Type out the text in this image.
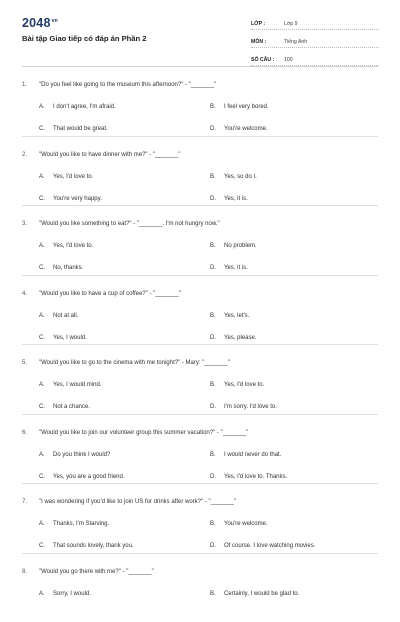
$2048^{vn}$
Bài tập Giao tiếp có đáp án Phần 2
LỚP :	Lớp 9
MÔN :	Tiếng Anh
SỐ CÂU :	100
1.	"Do you feel like going to the museum this afternoon?" - "_______"
A.	I don't agree, I'm afraid.	B.	I feel very bored.
C.	That would be great.	D.	You're welcome.
2.	"Would you like to have dinner with me?" - "_______"
A.	Yes, I'd love to.	B.	Yes, so do I.
C.	You're very happy.	D.	Yes, it is.
3.	"Would you like something to eat?" - "_______. I'm not hungry now."
A.	Yes, I'd love to.	B.	No problem.
C.	No, thanks.	D.	Yes, it is.
4.	"Would you like to have a cup of coffee?" - "_______"
A.	Not at all.	B.	Yes, let's.
C.	Yes, I would.	D.	Yes, please.
5.	"Would you like to go to the cinema with me tonight?" - Mary: "_______"
A.	Yes, I would mind.	B.	Yes, I'd love to.
C.	Not a chance.	D.	I'm sorry. I'd love to.
6.	"Would you like to join our volunteer group this summer vacation?" - "_______"
A.	Do you think I would?	B.	I would never do that.
C.	Yes, you are a good friend.	D.	Yes, I'd love to. Thanks.
7.	"I was wondering if you'd like to join US for drinks after work?" - "_______"
A.	Thanks, I'm Starving.	B.	You're welcome.
C.	That sounds lovely, thank you.	D.	Of course. I love watching movies.
8.	"Would you go there with me?" - "_______"
A.	Sorry, I would.	B.	Certainly, I would be glad to.
